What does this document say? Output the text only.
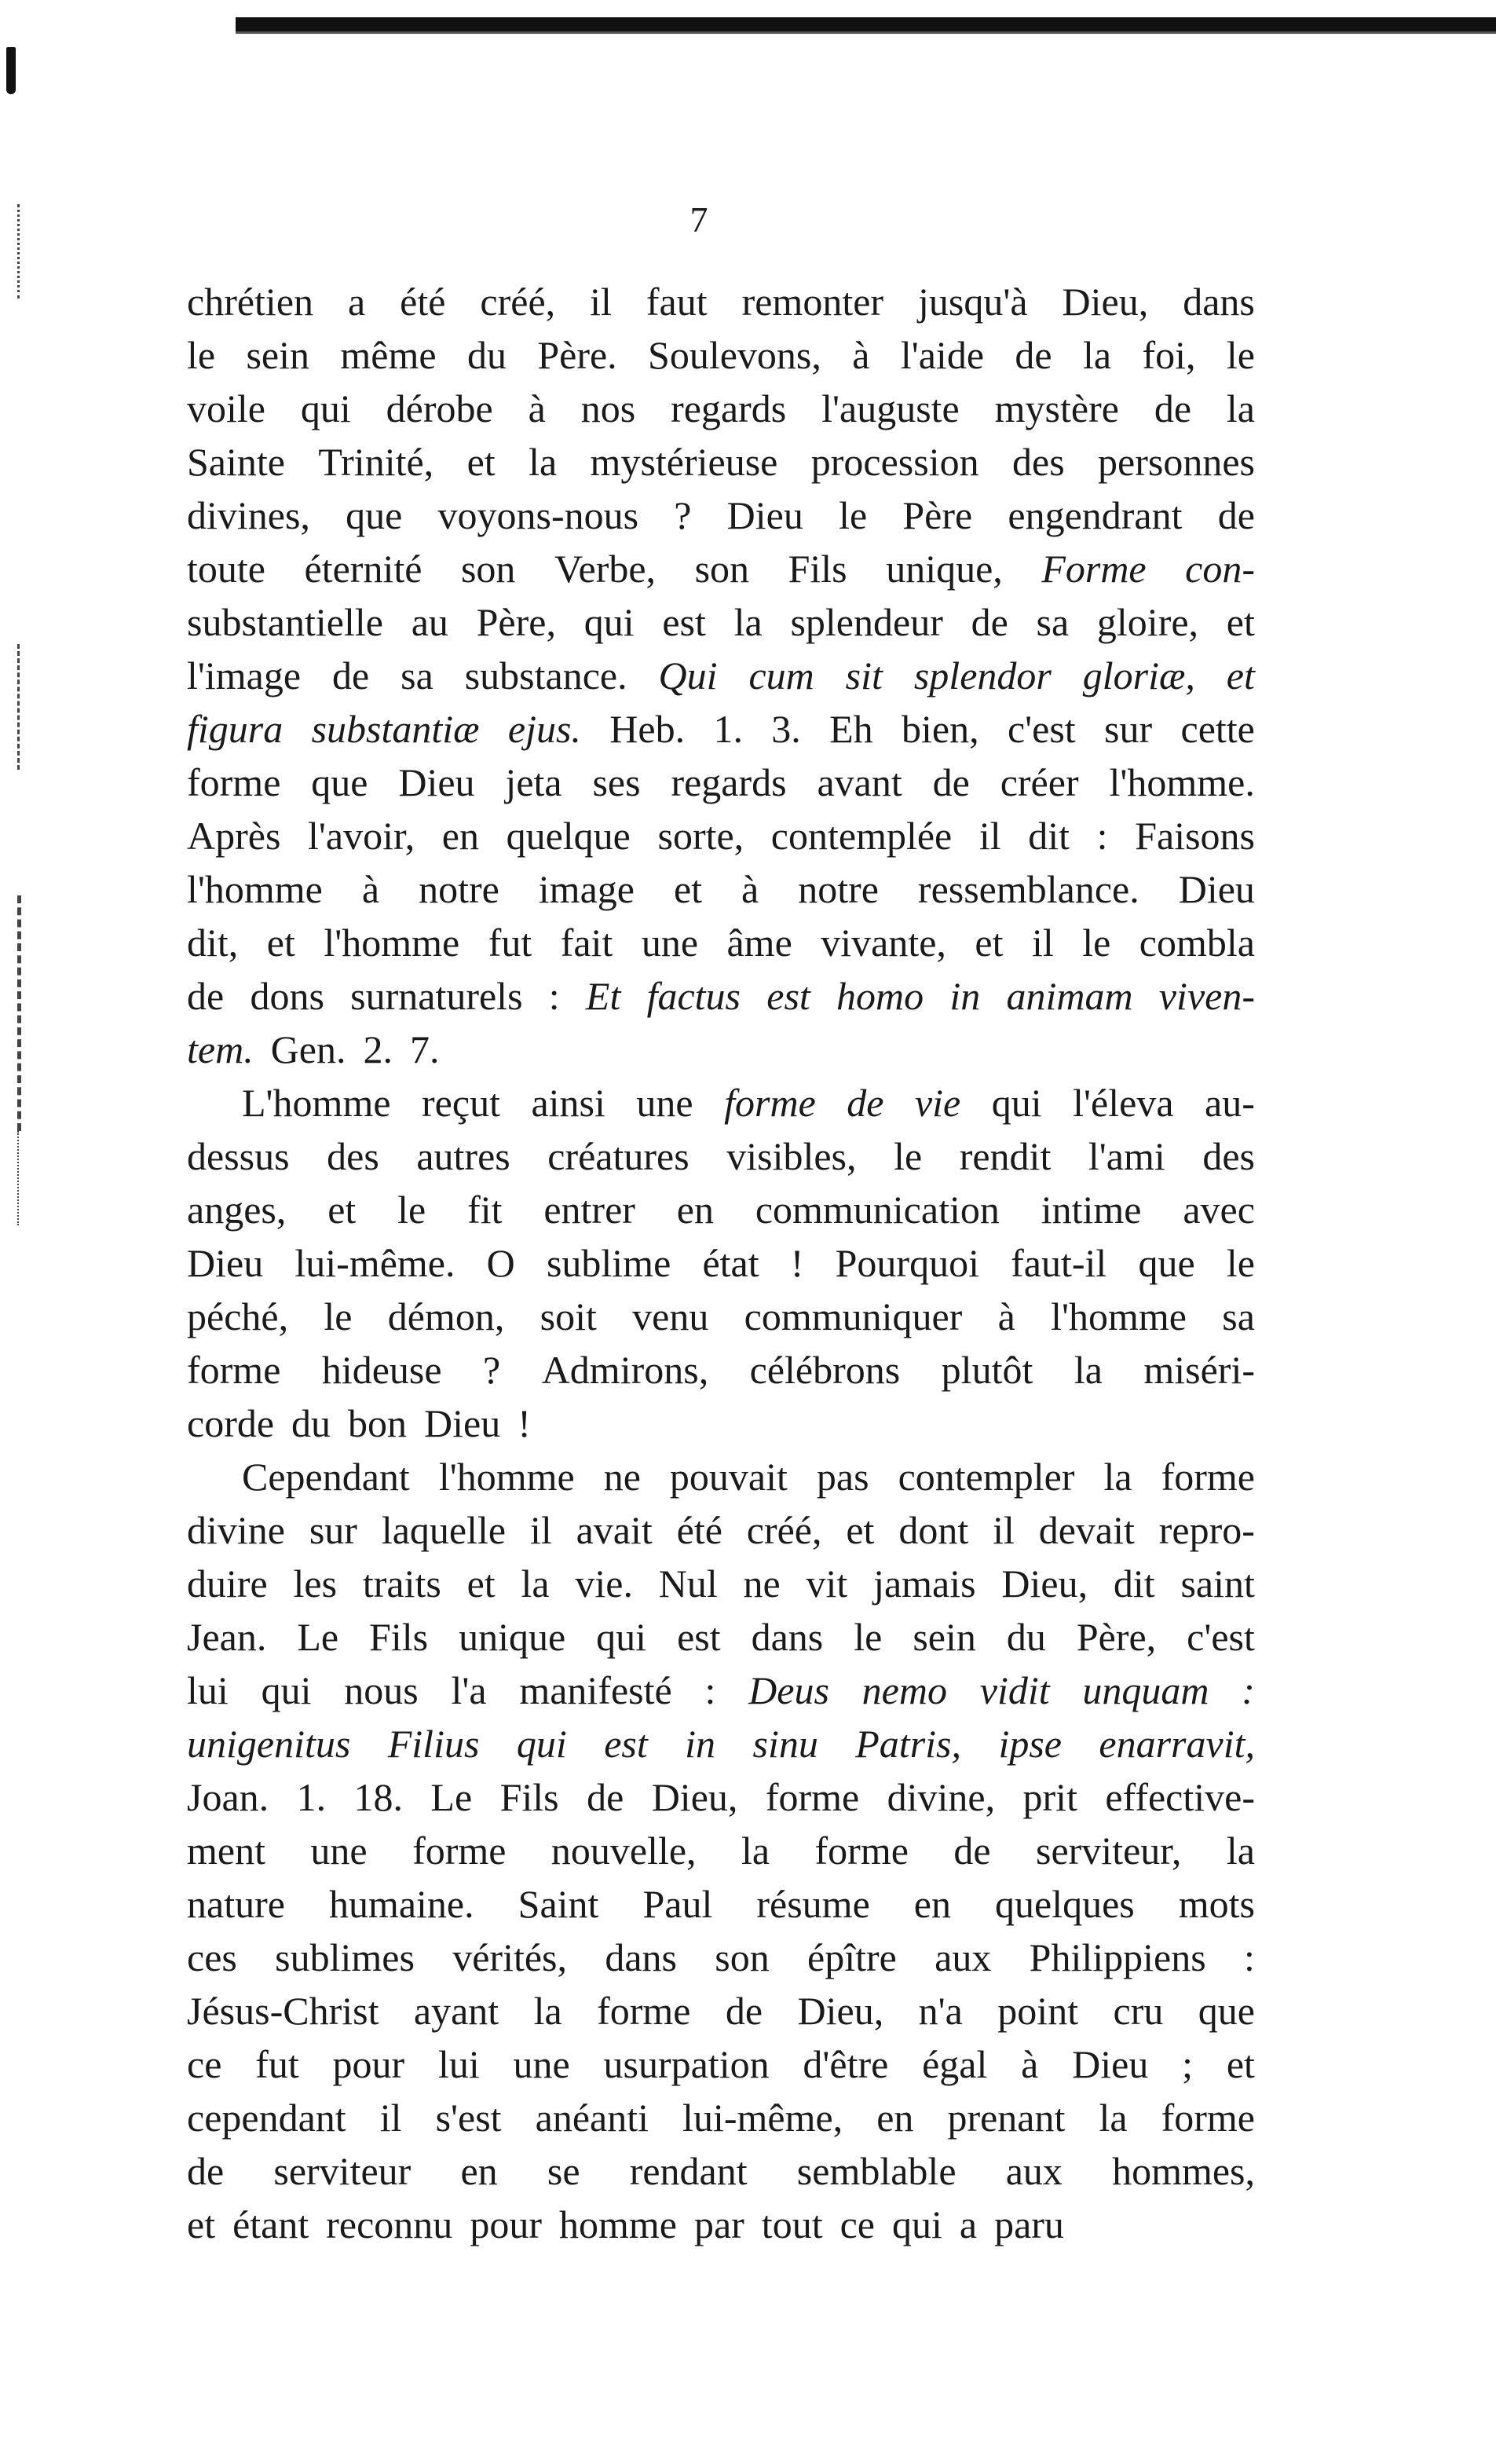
7
chrétien a été créé, il faut remonter jusqu'à Dieu, dans
le sein même du Père. Soulevons, à l'aide de la foi, le
voile qui dérobe à nos regards l'auguste mystère de la
Sainte Trinité, et la mystérieuse procession des personnes
divines, que voyons-nous ? Dieu le Père engendrant de
toute éternité son Verbe, son Fils unique, Forme con-
substantielle au Père, qui est la splendeur de sa gloire, et
l'image de sa substance. Qui cum sit splendor gloriæ, et
figura substantiæ ejus. Heb. 1. 3. Eh bien, c'est sur cette
forme que Dieu jeta ses regards avant de créer l'homme.
Après l'avoir, en quelque sorte, contemplée il dit : Faisons
l'homme à notre image et à notre ressemblance. Dieu
dit, et l'homme fut fait une âme vivante, et il le combla
de dons surnaturels : Et factus est homo in animam viven-
tem. Gen. 2. 7.
L'homme reçut ainsi une forme de vie qui l'éleva au-
dessus des autres créatures visibles, le rendit l'ami des
anges, et le fit entrer en communication intime avec
Dieu lui-même. O sublime état ! Pourquoi faut-il que le
péché, le démon, soit venu communiquer à l'homme sa
forme hideuse ? Admirons, célébrons plutôt la miséri-
corde du bon Dieu !
Cependant l'homme ne pouvait pas contempler la forme
divine sur laquelle il avait été créé, et dont il devait repro-
duire les traits et la vie. Nul ne vit jamais Dieu, dit saint
Jean. Le Fils unique qui est dans le sein du Père, c'est
lui qui nous l'a manifesté : Deus nemo vidit unquam :
unigenitus Filius qui est in sinu Patris, ipse enarravit,
Joan. 1. 18. Le Fils de Dieu, forme divine, prit effective-
ment une forme nouvelle, la forme de serviteur, la
nature humaine. Saint Paul résume en quelques mots
ces sublimes vérités, dans son épître aux Philippiens :
Jésus-Christ ayant la forme de Dieu, n'a point cru que
ce fut pour lui une usurpation d'être égal à Dieu ; et
cependant il s'est anéanti lui-même, en prenant la forme
de serviteur en se rendant semblable aux hommes,
et étant reconnu pour homme par tout ce qui a paru
